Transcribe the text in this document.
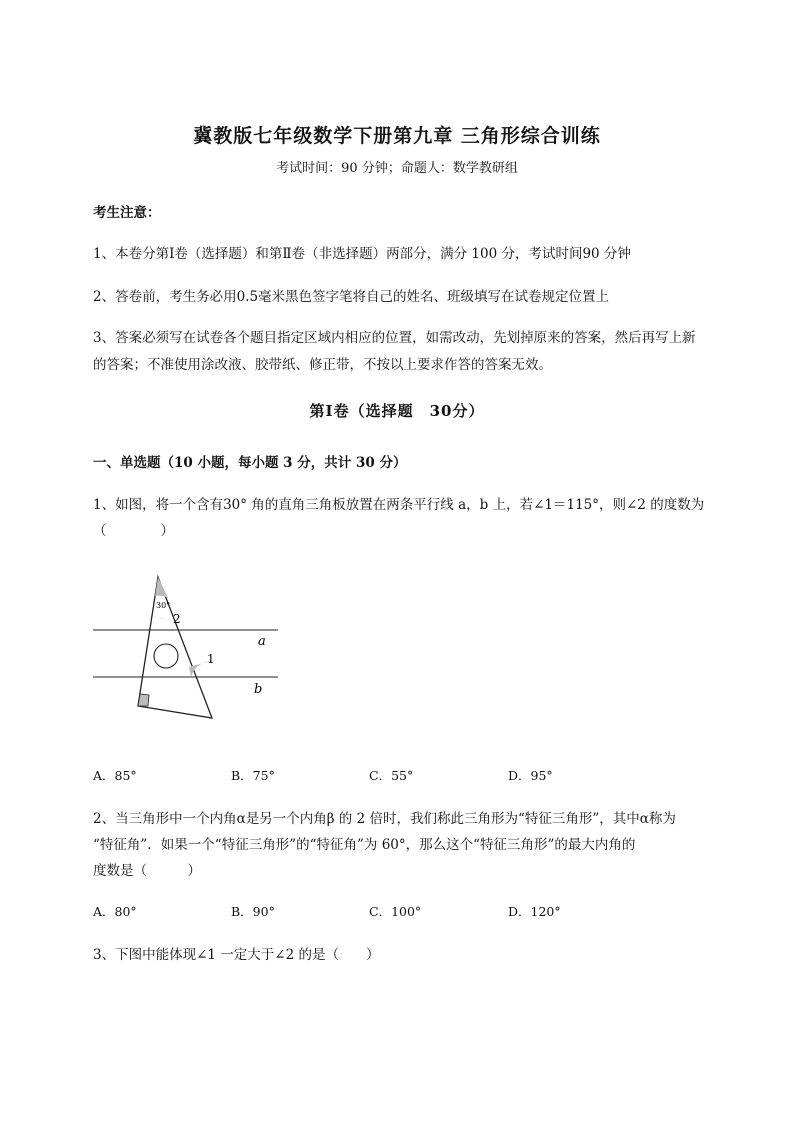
冀教版七年级数学下册第九章 三角形综合训练
考试时间：90 分钟；命题人：数学教研组
考生注意：
1、本卷分第Ⅰ卷（选择题）和第Ⅱ卷（非选择题）两部分，满分 100 分，考试时间90 分钟
2、答卷前，考生务必用0.5毫米黑色签字笔将自己的姓名、班级填写在试卷规定位置上
3、答案必须写在试卷各个题目指定区域内相应的位置，如需改动，先划掉原来的答案，然后再写上新
的答案；不准使用涂改液、胶带纸、修正带，不按以上要求作答的答案无效。
第Ⅰ卷（选择题　30分）
一、单选题（10 小题，每小题 3 分，共计 30 分）
1、如图，将一个含有30° 角的直角三角板放置在两条平行线 a，b 上，若∠1＝115°，则∠2 的度数为
（　　　　）
30°
2
1
a
b
A．85°	B．75°	C．55°	D．95°
2、当三角形中一个内角α是另一个内角β 的 2 倍时，我们称此三角形为“特征三角形”，其中α称为
“特征角”．如果一个“特征三角形”的“特征角”为 60°，那么这个“特征三角形”的最大内角的
度数是（　　　）
A．80°	B．90°	C．100°	D．120°
3、下图中能体现∠1 一定大于∠2 的是（　　）
